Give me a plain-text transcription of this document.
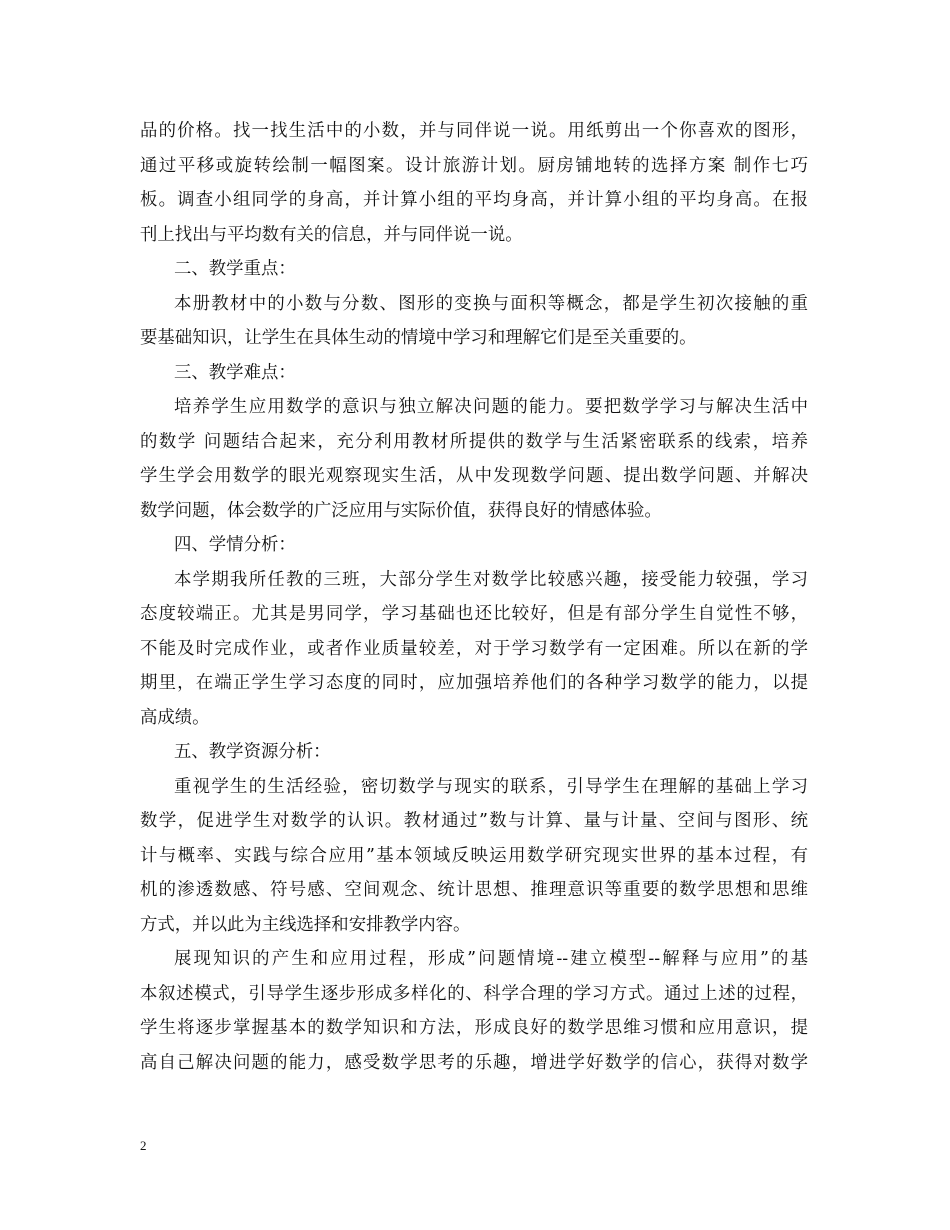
品的价格。找一找生活中的小数，并与同伴说一说。用纸剪出一个你喜欢的图形，
通过平移或旋转绘制一幅图案。设计旅游计划。厨房铺地转的选择方案 制作七巧
板。调查小组同学的身高，并计算小组的平均身高，并计算小组的平均身高。在报
刊上找出与平均数有关的信息，并与同伴说一说。
二、教学重点：
本册教材中的小数与分数、图形的变换与面积等概念，都是学生初次接触的重
要基础知识，让学生在具体生动的情境中学习和理解它们是至关重要的。
三、教学难点：
培养学生应用数学的意识与独立解决问题的能力。要把数学学习与解决生活中
的数学 问题结合起来，充分利用教材所提供的数学与生活紧密联系的线索，培养
学生学会用数学的眼光观察现实生活，从中发现数学问题、提出数学问题、并解决
数学问题，体会数学的广泛应用与实际价值，获得良好的情感体验。
四、学情分析：
本学期我所任教的三班，大部分学生对数学比较感兴趣，接受能力较强，学习
态度较端正。尤其是男同学，学习基础也还比较好，但是有部分学生自觉性不够，
不能及时完成作业，或者作业质量较差，对于学习数学有一定困难。所以在新的学
期里，在端正学生学习态度的同时，应加强培养他们的各种学习数学的能力，以提
高成绩。
五、教学资源分析：
重视学生的生活经验，密切数学与现实的联系，引导学生在理解的基础上学习
数学，促进学生对数学的认识。教材通过”数与计算、量与计量、空间与图形、统
计与概率、实践与综合应用”基本领域反映运用数学研究现实世界的基本过程，有
机的渗透数感、符号感、空间观念、统计思想、推理意识等重要的数学思想和思维
方式，并以此为主线选择和安排教学内容。
展现知识的产生和应用过程，形成”问题情境--建立模型--解释与应用”的基
本叙述模式，引导学生逐步形成多样化的、科学合理的学习方式。通过上述的过程，
学生将逐步掌握基本的数学知识和方法，形成良好的数学思维习惯和应用意识，提
高自己解决问题的能力，感受数学思考的乐趣，增进学好数学的信心，获得对数学
2
